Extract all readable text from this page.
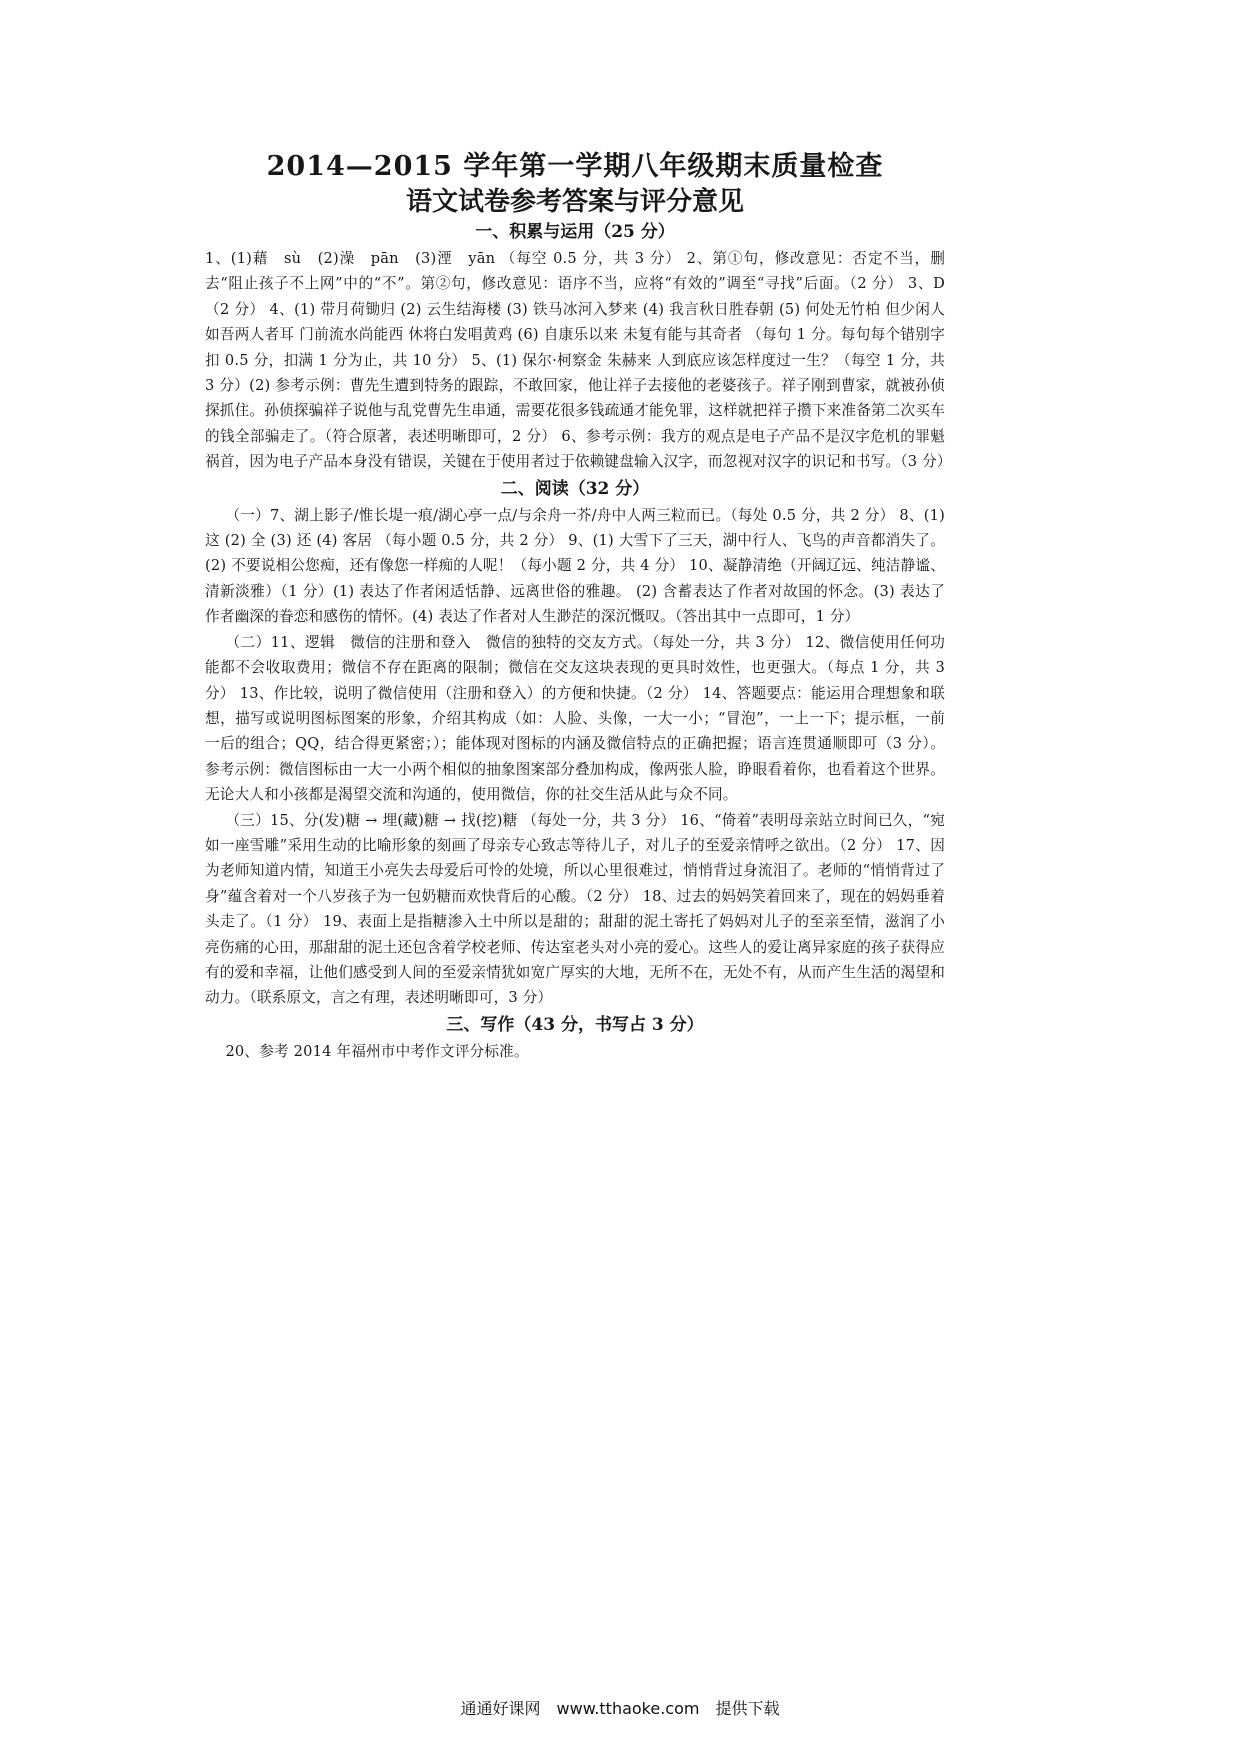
2014—2015 学年第一学期八年级期末质量检查
语文试卷参考答案与评分意见
一、积累与运用（25 分）

1、(1)藉　sù　(2)澡　pān　(3)湮　yān （每空 0.5 分，共 3 分） 2、第①句，修改意见：否定不当，删去“阻止孩子不上网”中的“不”。第②句，修改意见：语序不当，应将“有效的”调至“寻找”后面。（2 分） 3、D（2 分） 4、(1) 带月荷锄归 (2) 云生结海楼 (3) 铁马冰河入梦来 (4) 我言秋日胜春朝 (5) 何处无竹柏 但少闲人如吾两人者耳 门前流水尚能西 休将白发唱黄鸡 (6) 自康乐以来 未复有能与其奇者 （每句 1 分。每句每个错别字扣 0.5 分，扣满 1 分为止，共 10 分） 5、(1) 保尔·柯察金 朱赫来 人到底应该怎样度过一生？（每空 1 分，共 3 分）(2) 参考示例：曹先生遭到特务的跟踪，不敢回家，他让祥子去接他的老婆孩子。祥子刚到曹家，就被孙侦探抓住。孙侦探骗祥子说他与乱党曹先生串通，需要花很多钱疏通才能免罪，这样就把祥子攒下来准备第二次买车的钱全部骗走了。（符合原著，表述明晰即可，2 分） 6、参考示例：我方的观点是电子产品不是汉字危机的罪魁祸首，因为电子产品本身没有错误，关键在于使用者过于依赖键盘输入汉字，而忽视对汉字的识记和书写。（3 分）

二、阅读（32 分）

（一）7、湖上影子/惟长堤一痕/湖心亭一点/与余舟一芥/舟中人两三粒而已。（每处 0.5 分，共 2 分） 8、(1) 这 (2) 全 (3) 还 (4) 客居 （每小题 0.5 分，共 2 分） 9、(1) 大雪下了三天，湖中行人、飞鸟的声音都消失了。(2) 不要说相公您痴，还有像您一样痴的人呢！（每小题 2 分，共 4 分） 10、凝静清绝（开阔辽远、纯洁静谧、清新淡雅）（1 分）(1) 表达了作者闲适恬静、远离世俗的雅趣。 (2) 含蓄表达了作者对故国的怀念。(3) 表达了作者幽深的眷恋和感伤的情怀。(4) 表达了作者对人生渺茫的深沉慨叹。（答出其中一点即可，1 分）

（二）11、逻辑　微信的注册和登入　微信的独特的交友方式。（每处一分，共 3 分） 12、微信使用任何功能都不会收取费用；微信不存在距离的限制；微信在交友这块表现的更具时效性，也更强大。（每点 1 分，共 3 分） 13、作比较，说明了微信使用（注册和登入）的方便和快捷。（2 分） 14、答题要点：能运用合理想象和联想，描写或说明图标图案的形象，介绍其构成（如：人脸、头像，一大一小；“冒泡”，一上一下；提示框，一前一后的组合；QQ，结合得更紧密；）；能体现对图标的内涵及微信特点的正确把握；语言连贯通顺即可（3 分）。参考示例：微信图标由一大一小两个相似的抽象图案部分叠加构成，像两张人脸，睁眼看着你，也看着这个世界。无论大人和小孩都是渴望交流和沟通的，使用微信，你的社交生活从此与众不同。

（三）15、分(发)糖 → 埋(藏)糖 → 找(挖)糖 （每处一分，共 3 分） 16、“倚着”表明母亲站立时间已久，“宛如一座雪雕”采用生动的比喻形象的刻画了母亲专心致志等待儿子，对儿子的至爱亲情呼之欲出。（2 分） 17、因为老师知道内情，知道王小亮失去母爱后可怜的处境，所以心里很难过，悄悄背过身流泪了。老师的“悄悄背过了身”蕴含着对一个八岁孩子为一包奶糖而欢快背后的心酸。（2 分） 18、过去的妈妈笑着回来了，现在的妈妈垂着头走了。（1 分） 19、表面上是指糖渗入土中所以是甜的；甜甜的泥土寄托了妈妈对儿子的至亲至情，滋润了小亮伤痛的心田，那甜甜的泥土还包含着学校老师、传达室老头对小亮的爱心。这些人的爱让离异家庭的孩子获得应有的爱和幸福，让他们感受到人间的至爱亲情犹如宽广厚实的大地，无所不在，无处不有，从而产生生活的渴望和动力。（联系原文，言之有理，表述明晰即可，3 分）

三、写作（43 分，书写占 3 分）

20、参考 2014 年福州市中考作文评分标准。

通通好课网　www.tthaoke.com　提供下载
